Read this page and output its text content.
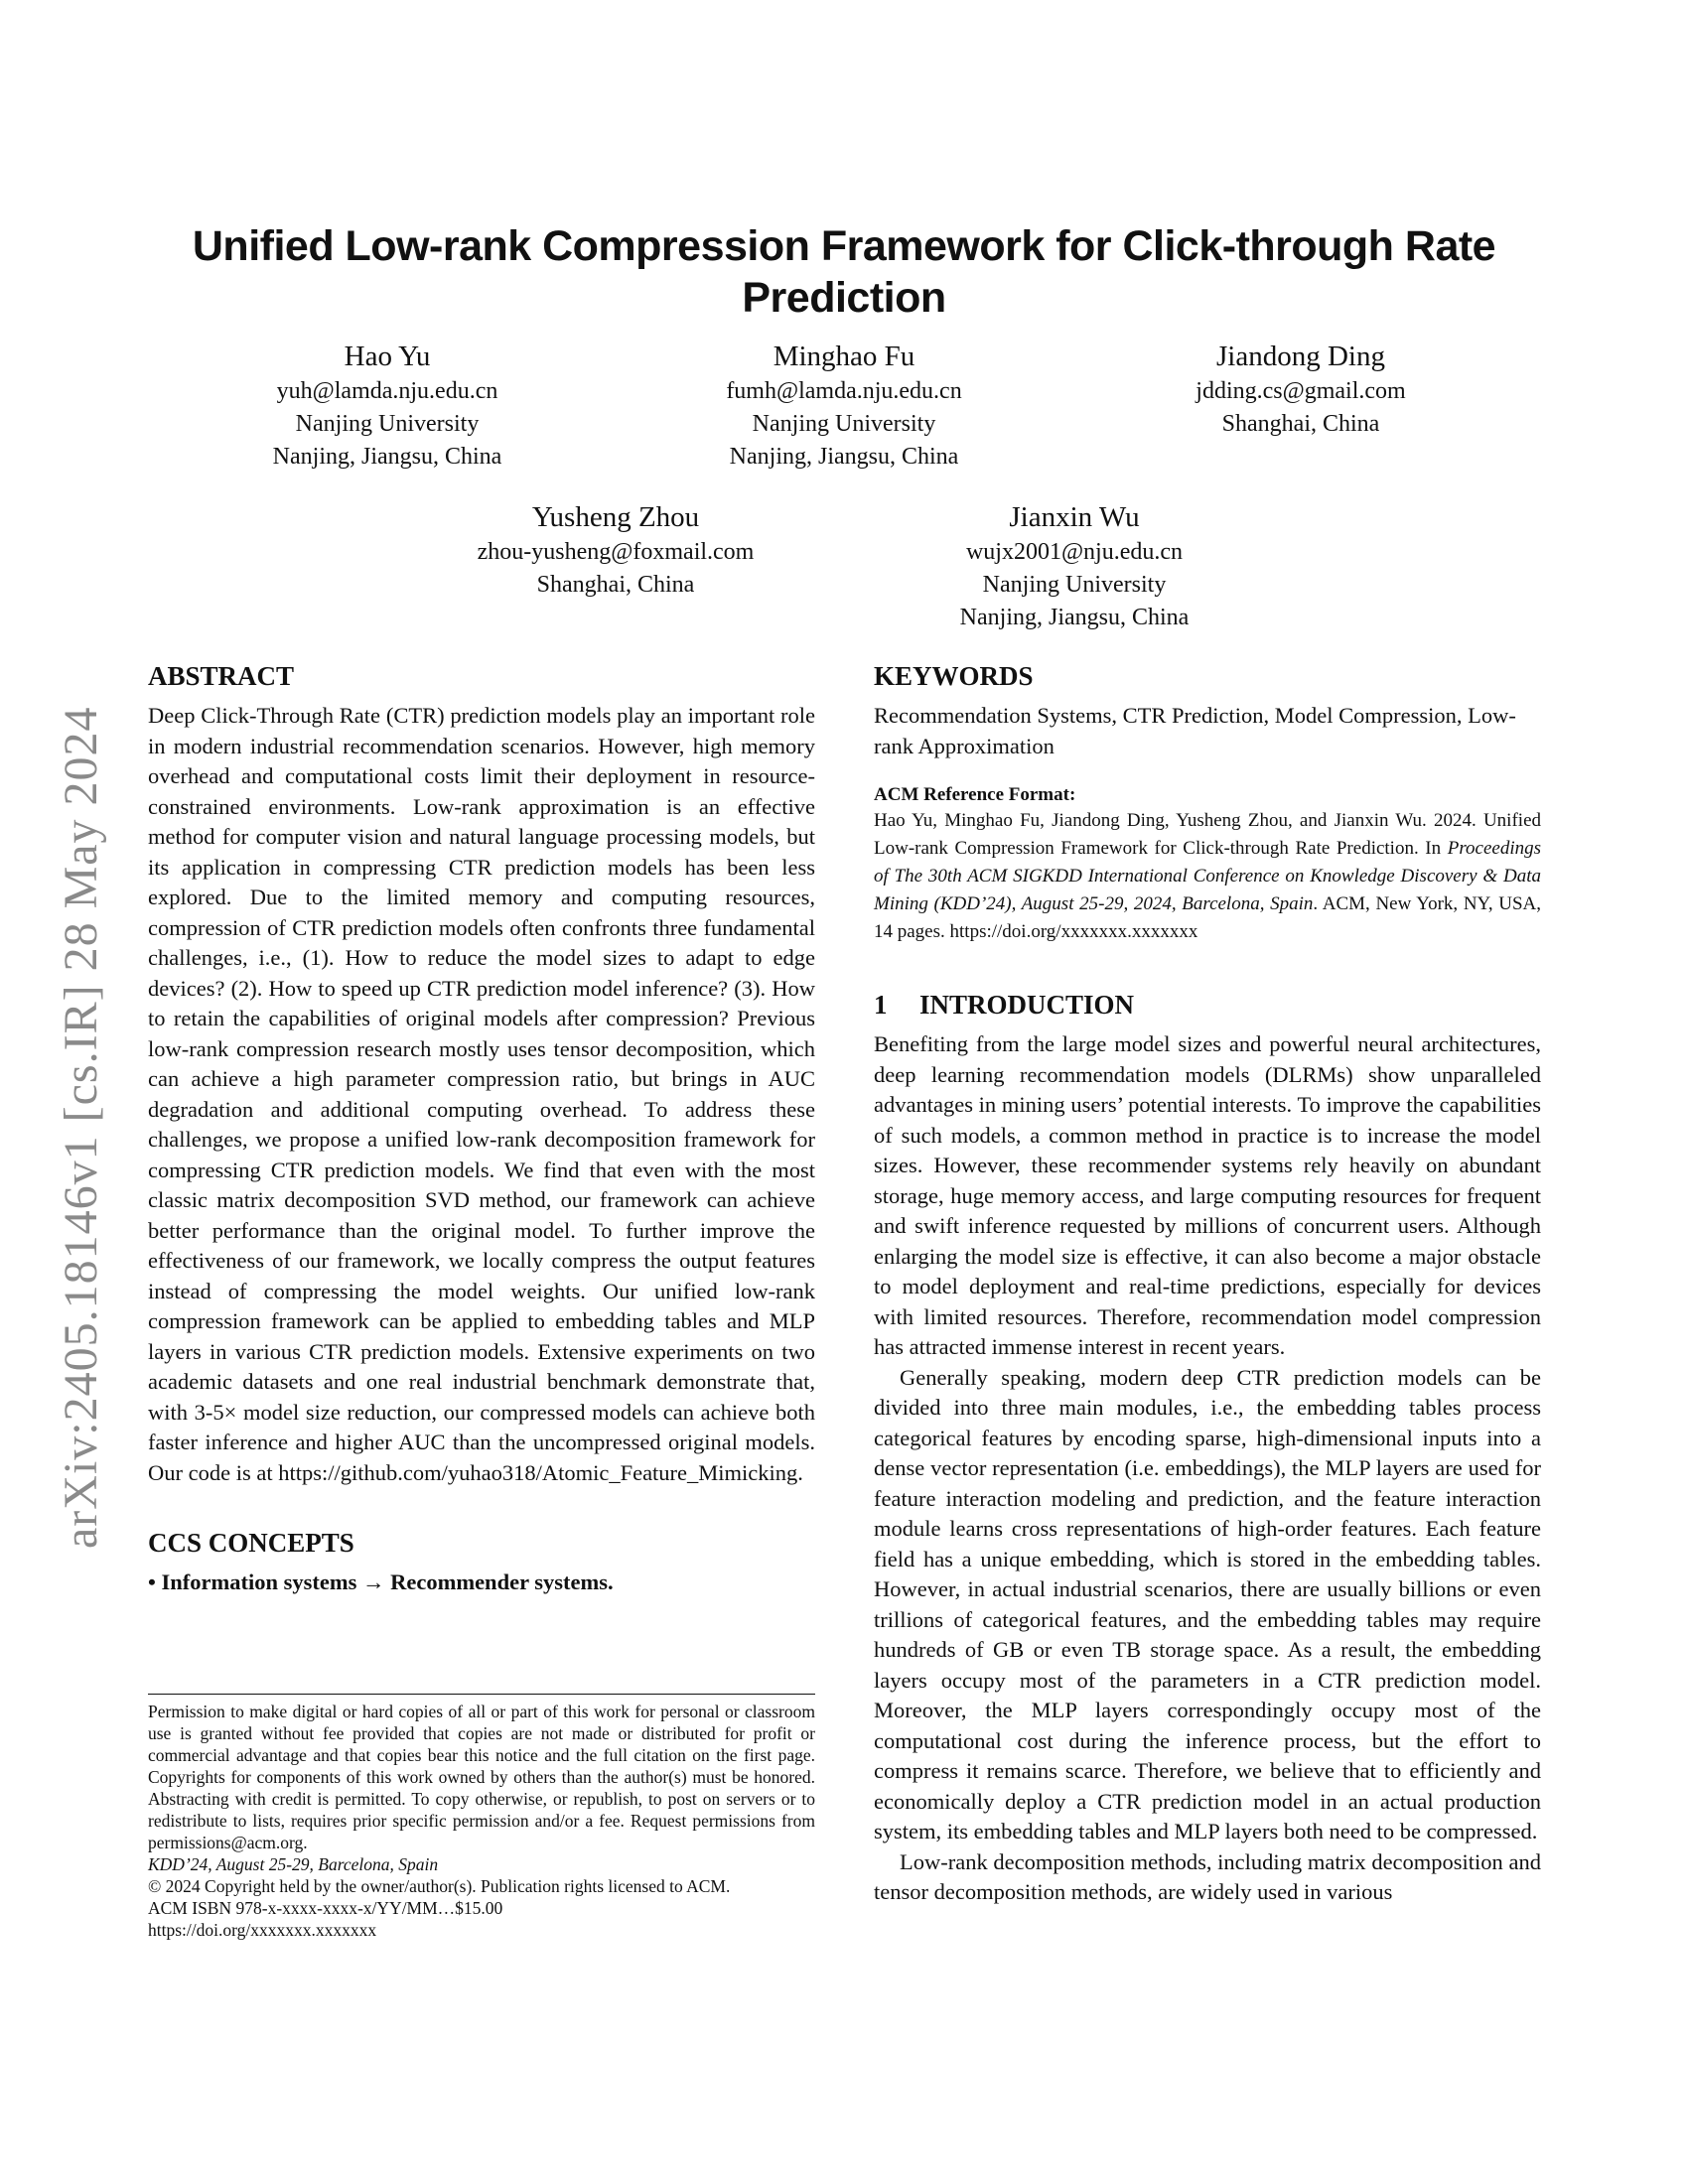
arXiv:2405.18146v1 [cs.IR] 28 May 2024
Unified Low-rank Compression Framework for Click-through Rate Prediction
Hao Yu
yuh@lamda.nju.edu.cn
Nanjing University
Nanjing, Jiangsu, China
Minghao Fu
fumh@lamda.nju.edu.cn
Nanjing University
Nanjing, Jiangsu, China
Jiandong Ding
jdding.cs@gmail.com
Shanghai, China
Yusheng Zhou
zhou-yusheng@foxmail.com
Shanghai, China
Jianxin Wu
wujx2001@nju.edu.cn
Nanjing University
Nanjing, Jiangsu, China
ABSTRACT

Deep Click-Through Rate (CTR) prediction models play an important role in modern industrial recommendation scenarios. However, high memory overhead and computational costs limit their deployment in resource-constrained environments. Low-rank approximation is an effective method for computer vision and natural language processing models, but its application in compressing CTR prediction models has been less explored. Due to the limited memory and computing resources, compression of CTR prediction models often confronts three fundamental challenges, i.e., (1). How to reduce the model sizes to adapt to edge devices? (2). How to speed up CTR prediction model inference? (3). How to retain the capabilities of original models after compression? Previous low-rank compression research mostly uses tensor decomposition, which can achieve a high parameter compression ratio, but brings in AUC degradation and additional computing overhead. To address these challenges, we propose a unified low-rank decomposition framework for compressing CTR prediction models. We find that even with the most classic matrix decomposition SVD method, our framework can achieve better performance than the original model. To further improve the effectiveness of our framework, we locally compress the output features instead of compressing the model weights. Our unified low-rank compression framework can be applied to embedding tables and MLP layers in various CTR prediction models. Extensive experiments on two academic datasets and one real industrial benchmark demonstrate that, with 3-5× model size reduction, our compressed models can achieve both faster inference and higher AUC than the uncompressed original models. Our code is at https://github.com/yuhao318/Atomic_Feature_Mimicking.

CCS CONCEPTS
• Information systems → Recommender systems.

Permission to make digital or hard copies of all or part of this work for personal or classroom use is granted without fee provided that copies are not made or distributed for profit or commercial advantage and that copies bear this notice and the full citation on the first page. Copyrights for components of this work owned by others than the author(s) must be honored. Abstracting with credit is permitted. To copy otherwise, or republish, to post on servers or to redistribute to lists, requires prior specific permission and/or a fee. Request permissions from permissions@acm.org.

KDD’24, August 25-29, Barcelona, Spain

© 2024 Copyright held by the owner/author(s). Publication rights licensed to ACM.

ACM ISBN 978-x-xxxx-xxxx-x/YY/MM…$15.00

https://doi.org/xxxxxxx.xxxxxxx

KEYWORDS

Recommendation Systems, CTR Prediction, Model Compression, Low-rank Approximation

ACM Reference Format:

Hao Yu, Minghao Fu, Jiandong Ding, Yusheng Zhou, and Jianxin Wu. 2024. Unified Low-rank Compression Framework for Click-through Rate Prediction. In Proceedings of The 30th ACM SIGKDD International Conference on Knowledge Discovery & Data Mining (KDD’24), August 25-29, 2024, Barcelona, Spain. ACM, New York, NY, USA, 14 pages. https://doi.org/xxxxxxx.xxxxxxx

1 INTRODUCTION

Benefiting from the large model sizes and powerful neural architectures, deep learning recommendation models (DLRMs) show unparalleled advantages in mining users’ potential interests. To improve the capabilities of such models, a common method in practice is to increase the model sizes. However, these recommender systems rely heavily on abundant storage, huge memory access, and large computing resources for frequent and swift inference requested by millions of concurrent users. Although enlarging the model size is effective, it can also become a major obstacle to model deployment and real-time predictions, especially for devices with limited resources. Therefore, recommendation model compression has attracted immense interest in recent years.

Generally speaking, modern deep CTR prediction models can be divided into three main modules, i.e., the embedding tables process categorical features by encoding sparse, high-dimensional inputs into a dense vector representation (i.e. embeddings), the MLP layers are used for feature interaction modeling and prediction, and the feature interaction module learns cross representations of high-order features. Each feature field has a unique embedding, which is stored in the embedding tables. However, in actual industrial scenarios, there are usually billions or even trillions of categorical features, and the embedding tables may require hundreds of GB or even TB storage space. As a result, the embedding layers occupy most of the parameters in a CTR prediction model. Moreover, the MLP layers correspondingly occupy most of the computational cost during the inference process, but the effort to compress it remains scarce. Therefore, we believe that to efficiently and economically deploy a CTR prediction model in an actual production system, its embedding tables and MLP layers both need to be compressed.

Low-rank decomposition methods, including matrix decomposition and tensor decomposition methods, are widely used in various
